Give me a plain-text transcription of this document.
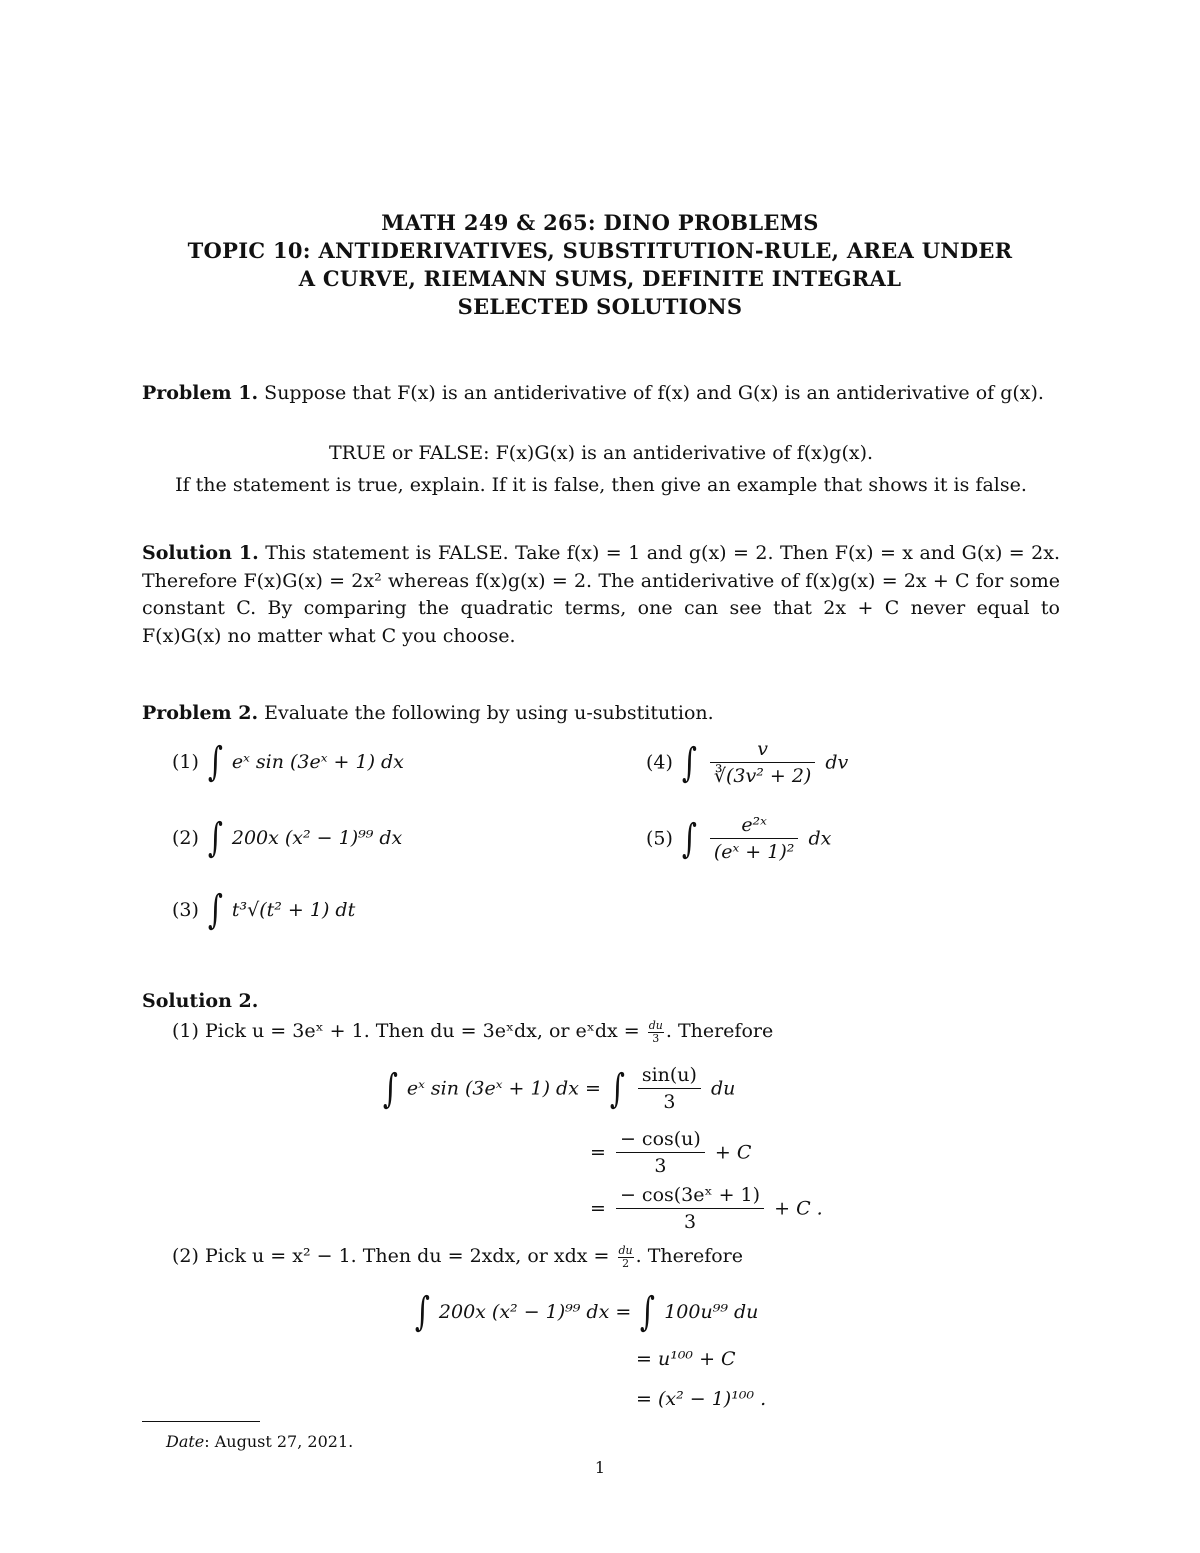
MATH 249 & 265: DINO PROBLEMS
TOPIC 10: ANTIDERIVATIVES, SUBSTITUTION-RULE, AREA UNDER
A CURVE, RIEMANN SUMS, DEFINITE INTEGRAL
SELECTED SOLUTIONS
Problem 1. Suppose that F(x) is an antiderivative of f(x) and G(x) is an antiderivative of g(x).
TRUE or FALSE: F(x)G(x) is an antiderivative of f(x)g(x).
If the statement is true, explain. If it is false, then give an example that shows it is false.
Solution 1. This statement is FALSE. Take f(x) = 1 and g(x) = 2. Then F(x) = x and G(x) = 2x. Therefore F(x)G(x) = 2x² whereas f(x)g(x) = 2. The antiderivative of f(x)g(x) = 2x + C for some constant C. By comparing the quadratic terms, one can see that 2x + C never equal to F(x)G(x) no matter what C you choose.
Problem 2. Evaluate the following by using u-substitution.
(1) ∫ eˣ sin (3eˣ + 1) dx
(2) ∫ 200x (x² − 1)⁹⁹ dx
(3) ∫ t³√(t² + 1) dt
(4) ∫ $\frac{v}{\text{∛(3v² + 2)}}$ dv
(5) ∫ $\frac{\text{e²ˣ}}{\text{(eˣ + 1)²}}$ dx
Solution 2.
(1) Pick u = 3eˣ + 1. Then du = 3eˣdx, or eˣdx = $\frac{du}{3}$ . Therefore
∫ eˣ sin (3eˣ + 1) dx = ∫ $\frac{\sin(u)}{3}$ du
= $\frac{- \cos(u)}{3} + C$
= $\frac{\text{− cos(3eˣ + 1)}}{3} + C$ .
(2) Pick u = x² − 1. Then du = 2xdx, or xdx = $\frac{du}{2}$ . Therefore
∫ 200x (x² − 1)⁹⁹ dx = ∫ 100u⁹⁹ du
= u¹⁰⁰ + C
= (x² − 1)¹⁰⁰ .
Date: August 27, 2021.
1
